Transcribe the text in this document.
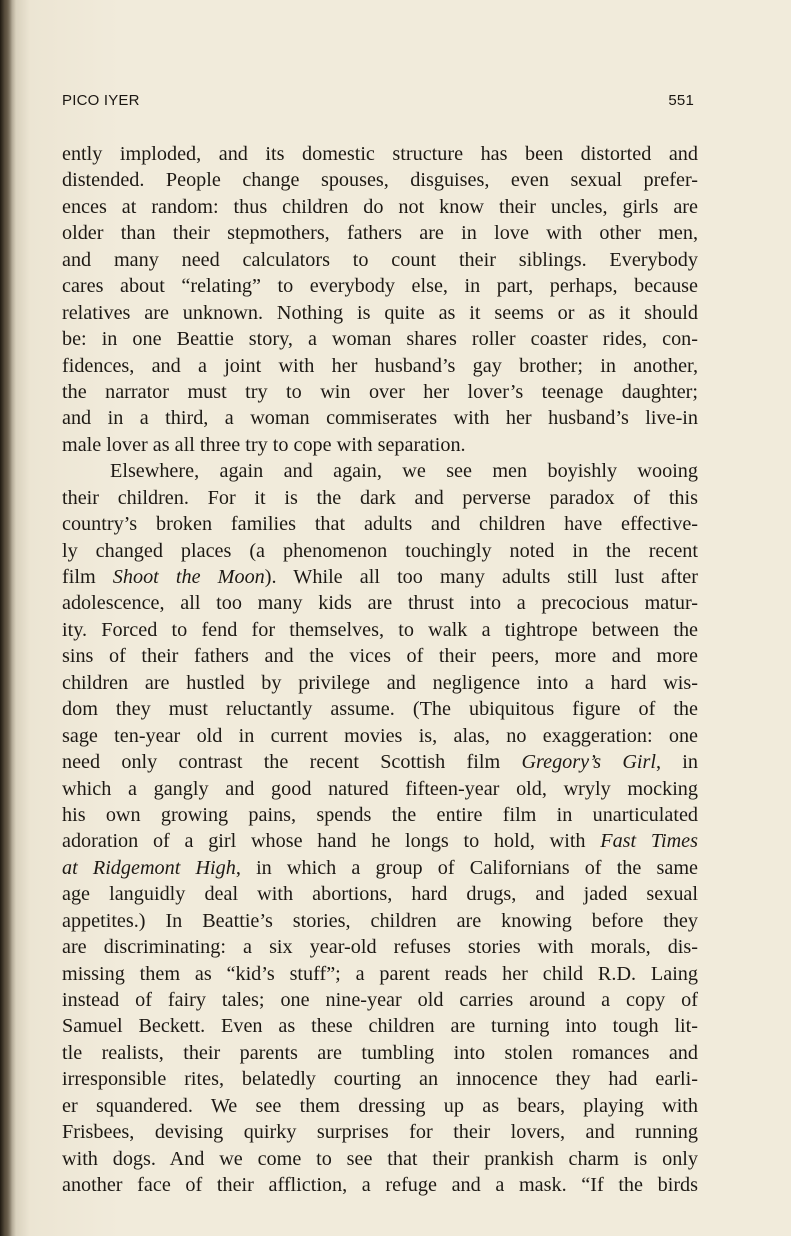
PICO IYER	551
ently imploded, and its domestic structure has been distorted and
distended. People change spouses, disguises, even sexual prefer-
ences at random: thus children do not know their uncles, girls are
older than their stepmothers, fathers are in love with other men,
and many need calculators to count their siblings. Everybody
cares about “relating” to everybody else, in part, perhaps, because
relatives are unknown. Nothing is quite as it seems or as it should
be: in one Beattie story, a woman shares roller coaster rides, con-
fidences, and a joint with her husband’s gay brother; in another,
the narrator must try to win over her lover’s teenage daughter;
and in a third, a woman commiserates with her husband’s live-in
male lover as all three try to cope with separation.
Elsewhere, again and again, we see men boyishly wooing
their children. For it is the dark and perverse paradox of this
country’s broken families that adults and children have effective-
ly changed places (a phenomenon touchingly noted in the recent
film Shoot the Moon). While all too many adults still lust after
adolescence, all too many kids are thrust into a precocious matur-
ity. Forced to fend for themselves, to walk a tightrope between the
sins of their fathers and the vices of their peers, more and more
children are hustled by privilege and negligence into a hard wis-
dom they must reluctantly assume. (The ubiquitous figure of the
sage ten-year old in current movies is, alas, no exaggeration: one
need only contrast the recent Scottish film Gregory’s Girl, in
which a gangly and good natured fifteen-year old, wryly mocking
his own growing pains, spends the entire film in unarticulated
adoration of a girl whose hand he longs to hold, with Fast Times
at Ridgemont High, in which a group of Californians of the same
age languidly deal with abortions, hard drugs, and jaded sexual
appetites.) In Beattie’s stories, children are knowing before they
are discriminating: a six year-old refuses stories with morals, dis-
missing them as “kid’s stuff”; a parent reads her child R.D. Laing
instead of fairy tales; one nine-year old carries around a copy of
Samuel Beckett. Even as these children are turning into tough lit-
tle realists, their parents are tumbling into stolen romances and
irresponsible rites, belatedly courting an innocence they had earli-
er squandered. We see them dressing up as bears, playing with
Frisbees, devising quirky surprises for their lovers, and running
with dogs. And we come to see that their prankish charm is only
another face of their affliction, a refuge and a mask. “If the birds
